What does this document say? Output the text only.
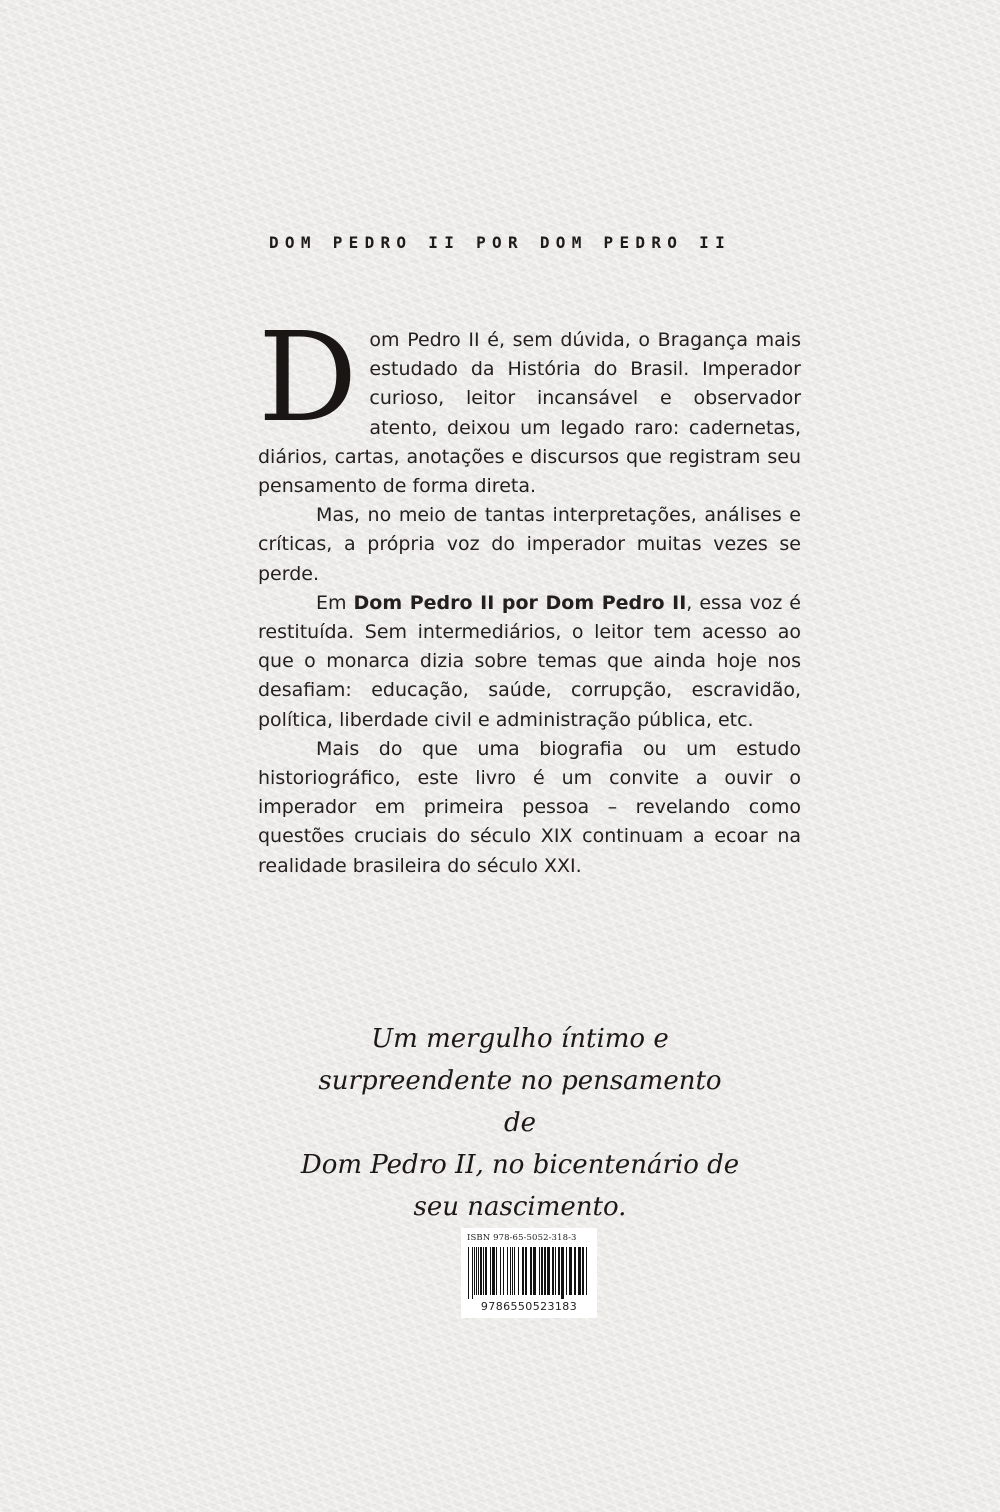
DOM PEDRO II POR DOM PEDRO II

Dom Pedro II é, sem dúvida, o Bragança mais estudado da História do Brasil. Imperador curioso, leitor incansável e observador atento, deixou um legado raro: cadernetas, diários, cartas, anotações e discursos que registram seu pensamento de forma direta.

Mas, no meio de tantas interpretações, análises e críticas, a própria voz do imperador muitas vezes se perde.

Em Dom Pedro II por Dom Pedro II, essa voz é restituída. Sem intermediários, o leitor tem acesso ao que o monarca dizia sobre temas que ainda hoje nos desafiam: educação, saúde, corrupção, escravidão, política, liberdade civil e administração pública, etc.

Mais do que uma biografia ou um estudo historiográfico, este livro é um convite a ouvir o imperador em primeira pessoa – revelando como questões cruciais do século XIX continuam a ecoar na realidade brasileira do século XXI.

Um mergulho íntimo e
surpreendente no pensamento de
Dom Pedro II, no bicentenário de
seu nascimento.
ISBN 978-65-5052-318-3
9786550523183
